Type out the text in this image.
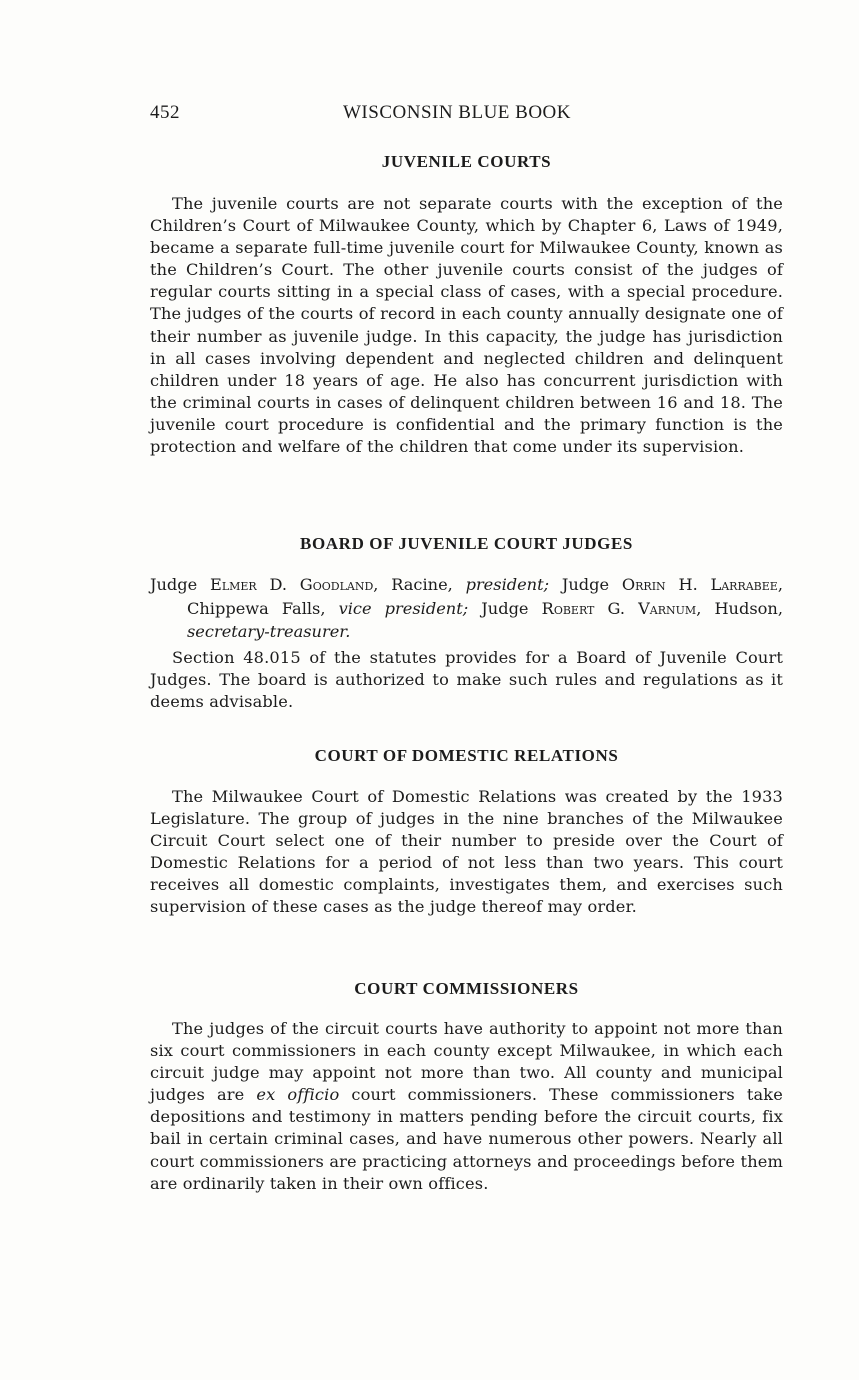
452	WISCONSIN BLUE BOOK
JUVENILE COURTS

The juvenile courts are not separate courts with the exception of the Children’s Court of Milwaukee County, which by Chapter 6, Laws of 1949, became a separate full-time juvenile court for Milwaukee County, known as the Children’s Court. The other juvenile courts consist of the judges of regular courts sitting in a special class of cases, with a special procedure. The judges of the courts of record in each county annually designate one of their number as juvenile judge. In this capacity, the judge has jurisdiction in all cases involving dependent and neglected children and delinquent children under 18 years of age. He also has concurrent jurisdiction with the criminal courts in cases of delinquent children between 16 and 18. The juvenile court procedure is confidential and the primary function is the protection and welfare of the children that come under its supervision.

BOARD OF JUVENILE COURT JUDGES

Judge Elmer D. Goodland, Racine, president; Judge Orrin H. Larrabee, Chippewa Falls, vice president; Judge Robert G. Varnum, Hudson, secretary-treasurer.

Section 48.015 of the statutes provides for a Board of Juvenile Court Judges. The board is authorized to make such rules and regulations as it deems advisable.

COURT OF DOMESTIC RELATIONS

The Milwaukee Court of Domestic Relations was created by the 1933 Legislature. The group of judges in the nine branches of the Milwaukee Circuit Court select one of their number to preside over the Court of Domestic Relations for a period of not less than two years. This court receives all domestic complaints, investigates them, and exercises such supervision of these cases as the judge thereof may order.

COURT COMMISSIONERS

The judges of the circuit courts have authority to appoint not more than six court commissioners in each county except Milwaukee, in which each circuit judge may appoint not more than two. All county and municipal judges are ex officio court commissioners. These commissioners take depositions and testimony in matters pending before the circuit courts, fix bail in certain criminal cases, and have numerous other powers. Nearly all court commissioners are practicing attorneys and proceedings before them are ordinarily taken in their own offices.
